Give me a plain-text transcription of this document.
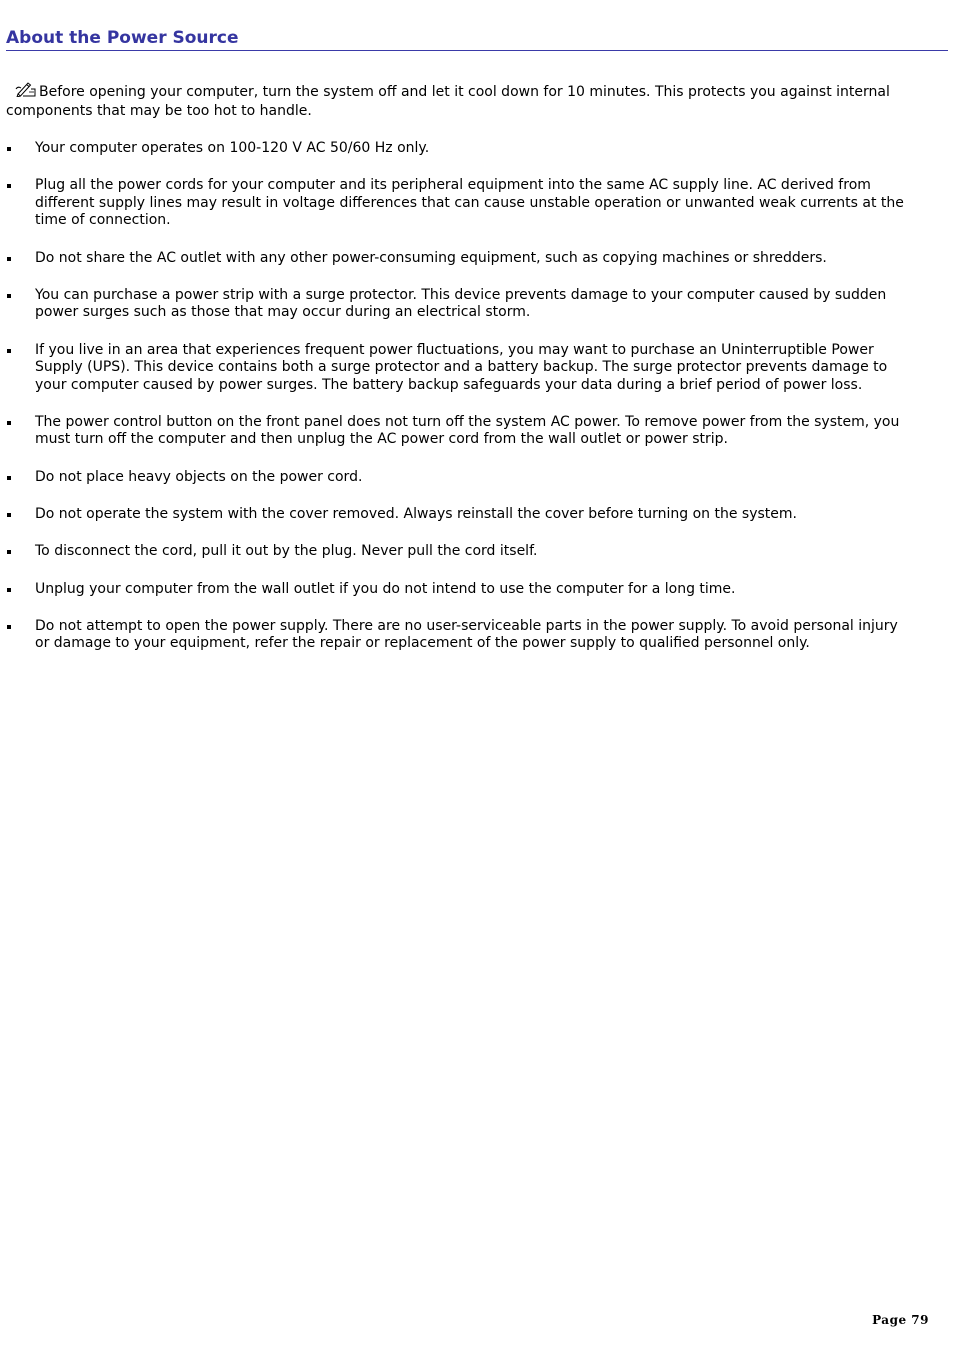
About the Power Source
Before opening your computer, turn the system off and let it cool down for 10 minutes. This protects you against internal components that may be too hot to handle.
Your computer operates on 100-120 V AC 50/60 Hz only.
Plug all the power cords for your computer and its peripheral equipment into the same AC supply line. AC derived from different supply lines may result in voltage differences that can cause unstable operation or unwanted weak currents at the time of connection.
Do not share the AC outlet with any other power-consuming equipment, such as copying machines or shredders.
You can purchase a power strip with a surge protector. This device prevents damage to your computer caused by sudden power surges such as those that may occur during an electrical storm.
If you live in an area that experiences frequent power fluctuations, you may want to purchase an Uninterruptible Power Supply (UPS). This device contains both a surge protector and a battery backup. The surge protector prevents damage to your computer caused by power surges. The battery backup safeguards your data during a brief period of power loss.
The power control button on the front panel does not turn off the system AC power. To remove power from the system, you must turn off the computer and then unplug the AC power cord from the wall outlet or power strip.
Do not place heavy objects on the power cord.
Do not operate the system with the cover removed. Always reinstall the cover before turning on the system.
To disconnect the cord, pull it out by the plug. Never pull the cord itself.
Unplug your computer from the wall outlet if you do not intend to use the computer for a long time.
Do not attempt to open the power supply. There are no user-serviceable parts in the power supply. To avoid personal injury or damage to your equipment, refer the repair or replacement of the power supply to qualified personnel only.
Page 79
